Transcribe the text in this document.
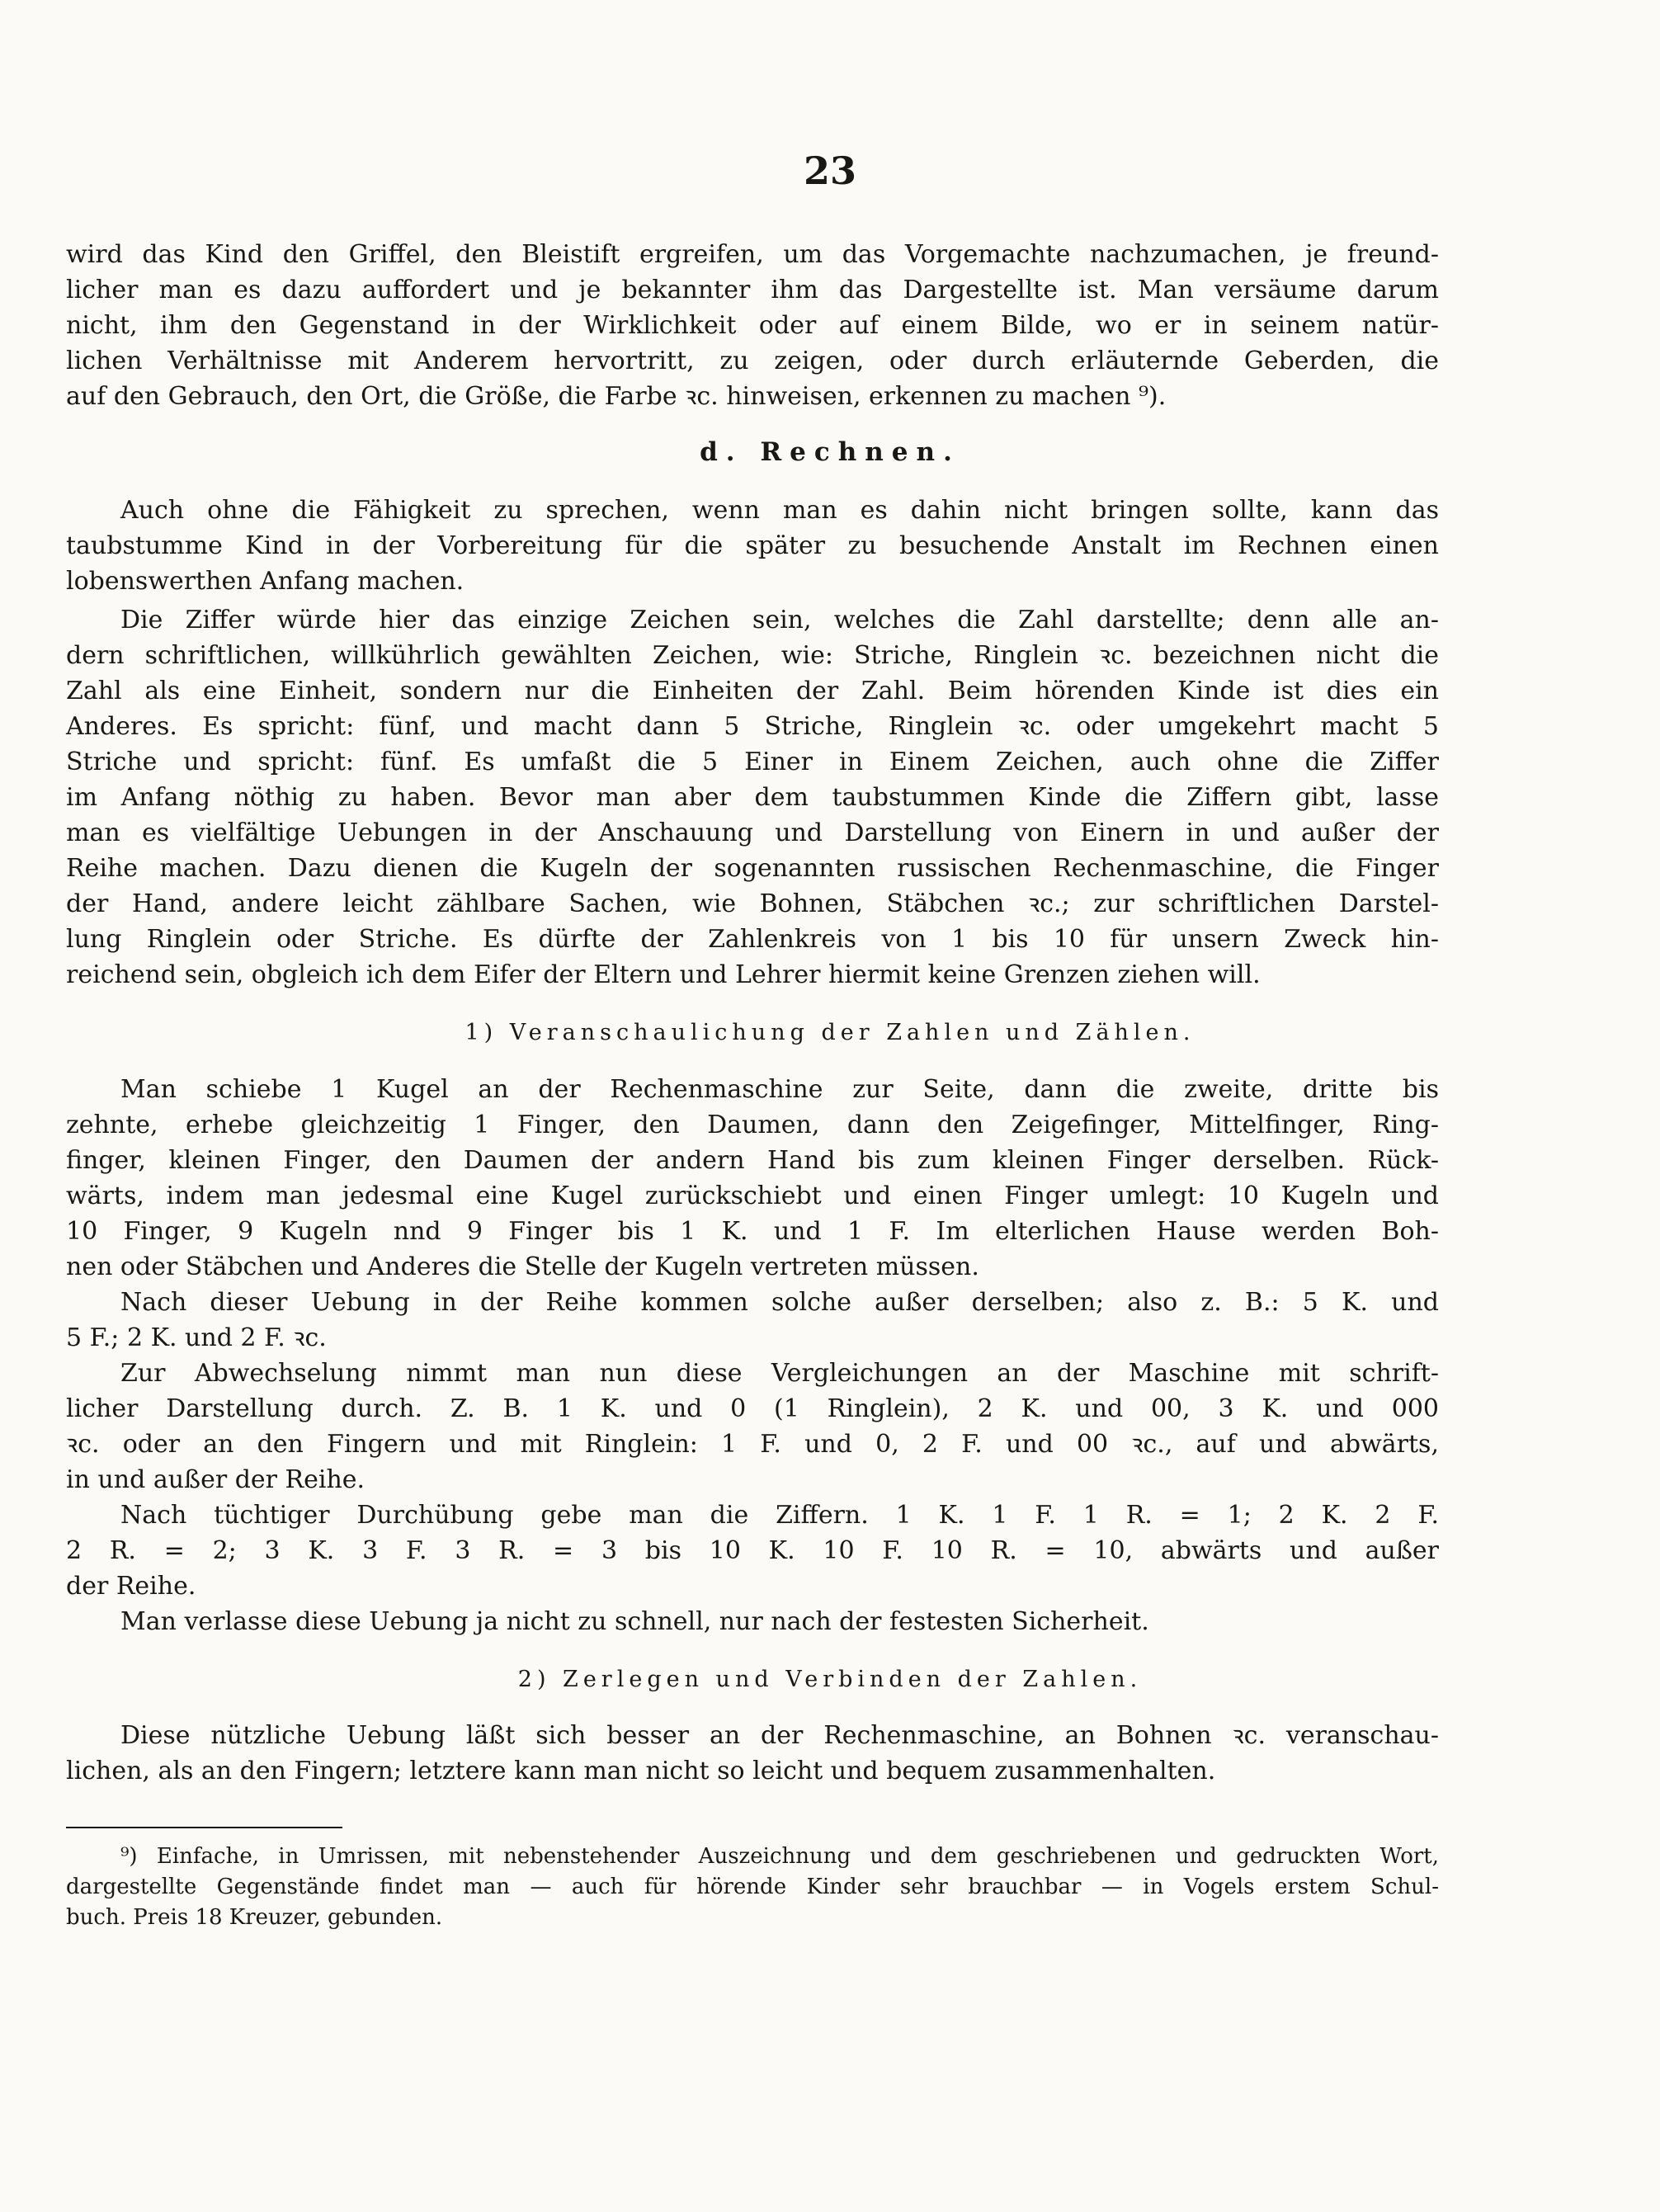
23
wird das Kind den Griffel, den Bleistift ergreifen, um das Vorgemachte nachzumachen, je freund-
licher man es dazu auffordert und je bekannter ihm das Dargestellte ist. Man versäume darum
nicht, ihm den Gegenstand in der Wirklichkeit oder auf einem Bilde, wo er in seinem natür-
lichen Verhältnisse mit Anderem hervortritt, zu zeigen, oder durch erläuternde Geberden, die
auf den Gebrauch, den Ort, die Größe, die Farbe ꝛc. hinweisen, erkennen zu machen ⁹).
d. Rechnen.
Auch ohne die Fähigkeit zu sprechen, wenn man es dahin nicht bringen sollte, kann das
taubstumme Kind in der Vorbereitung für die später zu besuchende Anstalt im Rechnen einen
lobenswerthen Anfang machen.
Die Ziffer würde hier das einzige Zeichen sein, welches die Zahl darstellte; denn alle an-
dern schriftlichen, willkührlich gewählten Zeichen, wie: Striche, Ringlein ꝛc. bezeichnen nicht die
Zahl als eine Einheit, sondern nur die Einheiten der Zahl. Beim hörenden Kinde ist dies ein
Anderes. Es spricht: fünf, und macht dann 5 Striche, Ringlein ꝛc. oder umgekehrt macht 5
Striche und spricht: fünf. Es umfaßt die 5 Einer in Einem Zeichen, auch ohne die Ziffer
im Anfang nöthig zu haben. Bevor man aber dem taubstummen Kinde die Ziffern gibt, lasse
man es vielfältige Uebungen in der Anschauung und Darstellung von Einern in und außer der
Reihe machen. Dazu dienen die Kugeln der sogenannten russischen Rechenmaschine, die Finger
der Hand, andere leicht zählbare Sachen, wie Bohnen, Stäbchen ꝛc.; zur schriftlichen Darstel-
lung Ringlein oder Striche. Es dürfte der Zahlenkreis von 1 bis 10 für unsern Zweck hin-
reichend sein, obgleich ich dem Eifer der Eltern und Lehrer hiermit keine Grenzen ziehen will.
1) Veranschaulichung der Zahlen und Zählen.
Man schiebe 1 Kugel an der Rechenmaschine zur Seite, dann die zweite, dritte bis
zehnte, erhebe gleichzeitig 1 Finger, den Daumen, dann den Zeigefinger, Mittelfinger, Ring-
finger, kleinen Finger, den Daumen der andern Hand bis zum kleinen Finger derselben. Rück-
wärts, indem man jedesmal eine Kugel zurückschiebt und einen Finger umlegt: 10 Kugeln und
10 Finger, 9 Kugeln nnd 9 Finger bis 1 K. und 1 F. Im elterlichen Hause werden Boh-
nen oder Stäbchen und Anderes die Stelle der Kugeln vertreten müssen.
Nach dieser Uebung in der Reihe kommen solche außer derselben; also z. B.: 5 K. und
5 F.; 2 K. und 2 F. ꝛc.
Zur Abwechselung nimmt man nun diese Vergleichungen an der Maschine mit schrift-
licher Darstellung durch. Z. B. 1 K. und 0 (1 Ringlein), 2 K. und 00, 3 K. und 000
ꝛc. oder an den Fingern und mit Ringlein: 1 F. und 0, 2 F. und 00 ꝛc., auf und abwärts,
in und außer der Reihe.
Nach tüchtiger Durchübung gebe man die Ziffern. 1 K. 1 F. 1 R. = 1; 2 K. 2 F.
2 R. = 2; 3 K. 3 F. 3 R. = 3 bis 10 K. 10 F. 10 R. = 10, abwärts und außer
der Reihe.
Man verlasse diese Uebung ja nicht zu schnell, nur nach der festesten Sicherheit.
2) Zerlegen und Verbinden der Zahlen.
Diese nützliche Uebung läßt sich besser an der Rechenmaschine, an Bohnen ꝛc. veranschau-
lichen, als an den Fingern; letztere kann man nicht so leicht und bequem zusammenhalten.
⁹) Einfache, in Umrissen, mit nebenstehender Auszeichnung und dem geschriebenen und gedruckten Wort,
dargestellte Gegenstände findet man — auch für hörende Kinder sehr brauchbar — in Vogels erstem Schul-
buch. Preis 18 Kreuzer, gebunden.
